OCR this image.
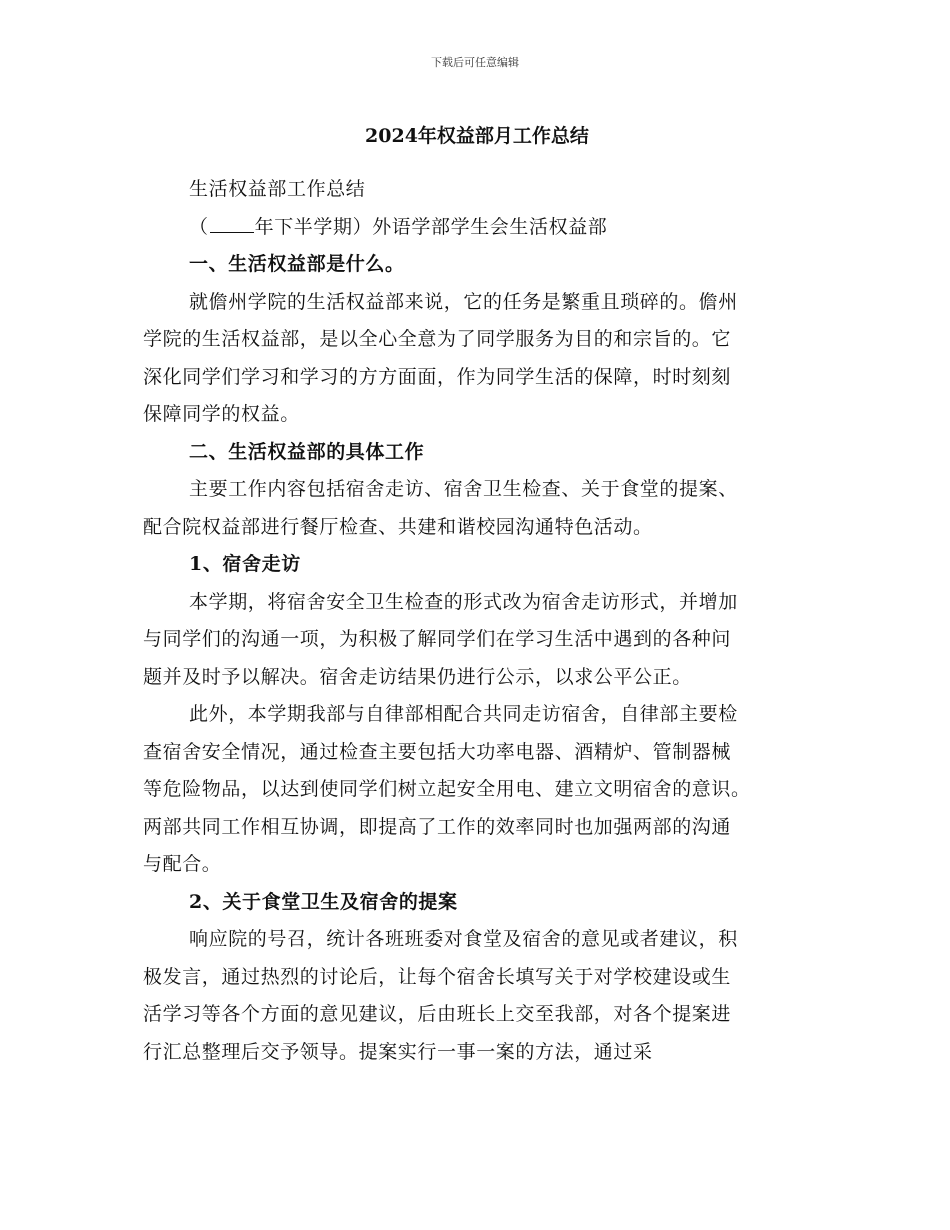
下载后可任意编辑
2024年权益部月工作总结
生活权益部工作总结
（ 年下半学期）外语学部学生会生活权益部
一、生活权益部是什么。
就儋州学院的生活权益部来说，它的任务是繁重且琐碎的。儋州
学院的生活权益部，是以全心全意为了同学服务为目的和宗旨的。它
深化同学们学习和学习的方方面面，作为同学生活的保障，时时刻刻
保障同学的权益。
二、生活权益部的具体工作
主要工作内容包括宿舍走访、宿舍卫生检查、关于食堂的提案、
配合院权益部进行餐厅检查、共建和谐校园沟通特色活动。
1、宿舍走访
本学期，将宿舍安全卫生检查的形式改为宿舍走访形式，并增加
与同学们的沟通一项，为积极了解同学们在学习生活中遇到的各种问
题并及时予以解决。宿舍走访结果仍进行公示，以求公平公正。
此外，本学期我部与自律部相配合共同走访宿舍，自律部主要检
查宿舍安全情况，通过检查主要包括大功率电器、酒精炉、管制器械
等危险物品，以达到使同学们树立起安全用电、建立文明宿舍的意识。
两部共同工作相互协调，即提高了工作的效率同时也加强两部的沟通
与配合。
2、关于食堂卫生及宿舍的提案
响应院的号召，统计各班班委对食堂及宿舍的意见或者建议，积
极发言，通过热烈的讨论后，让每个宿舍长填写关于对学校建设或生
活学习等各个方面的意见建议，后由班长上交至我部，对各个提案进
行汇总整理后交予领导。提案实行一事一案的方法，通过采
